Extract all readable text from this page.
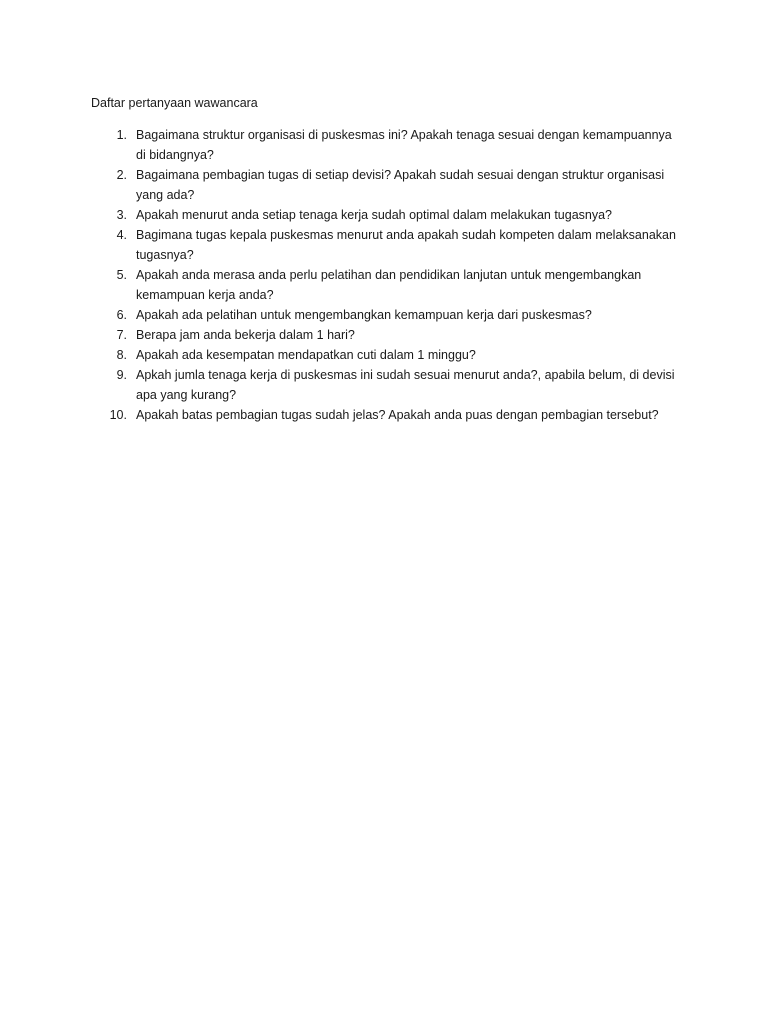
Daftar pertanyaan wawancara
1. Bagaimana struktur organisasi di puskesmas ini? Apakah tenaga sesuai dengan kemampuannya
di bidangnya?
2. Bagaimana pembagian tugas di setiap devisi? Apakah sudah sesuai dengan struktur organisasi
yang ada?
3. Apakah menurut anda setiap tenaga kerja sudah optimal dalam melakukan tugasnya?
4. Bagimana tugas kepala puskesmas menurut anda apakah sudah kompeten dalam melaksanakan
tugasnya?
5. Apakah anda merasa anda perlu pelatihan dan pendidikan lanjutan untuk mengembangkan
kemampuan kerja anda?
6. Apakah ada pelatihan untuk mengembangkan kemampuan kerja dari puskesmas?
7. Berapa jam anda bekerja dalam 1 hari?
8. Apakah ada kesempatan mendapatkan cuti dalam 1 minggu?
9. Apkah jumla tenaga kerja di puskesmas ini sudah sesuai menurut anda?, apabila belum, di devisi
apa yang kurang?
10. Apakah batas pembagian tugas sudah jelas? Apakah anda puas dengan pembagian tersebut?
